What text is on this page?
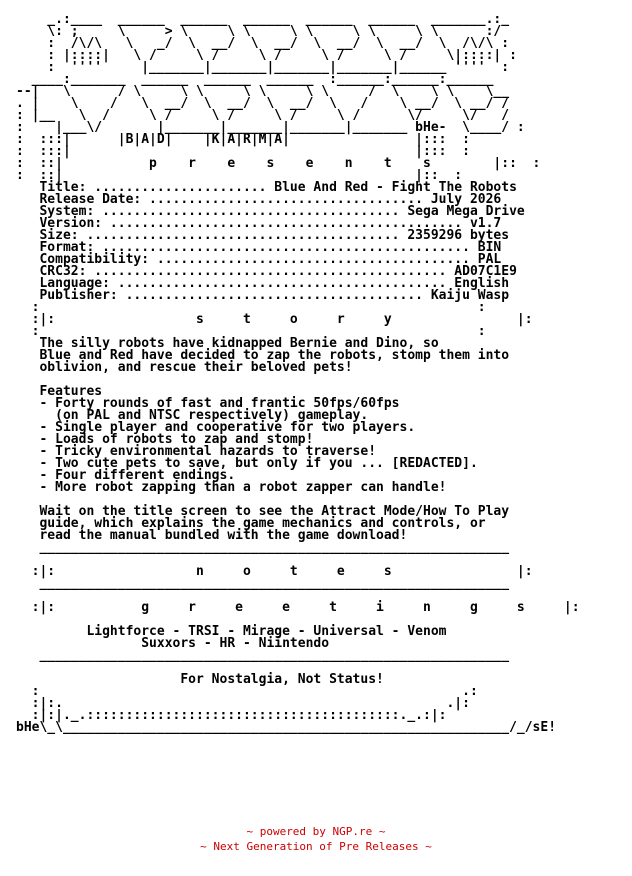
_.:____  ______  ______  ______  ______  ______  _______.:_
\: ;     \     > \     \ \     \ \     \ \     \ \      :/
:  /\/\   \   _/  \  __/  \  __/  \  __/  \  __/  \  /\/\ :
: |::::|   \ /     \ /     \ /     \ /     \ /     \|::::| :
:  ''''     |_______|_______|_______|_______|______ ''''  :
____:_______  ______  ______  ______  :______:______:______
--|   \      / \     \ \     \ \     \ \     /  \    \ \    \__
. |    \    /   \  __/  \  __/  \  __/  \   /    \ __/  \ __/ /
: |__   \  /     \ /     \ /     \ /     \ /      \/     \/   /
:    |___\/       |_______|_______|_______|_______ bHe-  \____/ :
:  :::|      |B|A|D|    |K|A|R|M|A|                |:::  :
:  :::|                                            |:::  :
:  ::|           p    r    e    s    e    n    t    s        |::  :
:  ::|                                             |::  :
Title: ...................... Blue And Red - Fight The Robots
Release Date: ................................... July 2026
System: ...................................... Sega Mega Drive
Version: ............................................. v1.7
Size: ........................................ 2359296 bytes
Format: ............................................... BIN
Compatibility: ........................................ PAL
CRC32: ............................................. AD07C1E9
Language: .......................................... English
Publisher: ...................................... Kaiju Wasp
:                                                        :
:|:                  s     t     o     r     y                |:
:                                                        :
The silly robots have kidnapped Bernie and Dino, so
Blue and Red have decided to zap the robots, stomp them into
oblivion, and rescue their beloved pets!
Features
- Forty rounds of fast and frantic 50fps/60fps
(on PAL and NTSC respectively) gameplay.
- Single player and cooperative for two players.
- Loads of robots to zap and stomp!
- Tricky environmental hazards to traverse!
- Two cute pets to save, but only if you ... [REDACTED].
- Four different endings.
- More robot zapping than a robot zapper can handle!
Wait on the title screen to see the Attract Mode/How To Play
guide, which explains the game mechanics and controls, or
read the manual bundled with the game download!
____________________________________________________________
:|:                  n     o     t     e     s                |:
____________________________________________________________
:|:           g     r     e     e     t     i     n     g     s     |:
Lightforce - TRSI - Mirage - Universal - Venom
Suxxors - HR - Niintendo
____________________________________________________________
For Nostalgia, Not Status!
:                                                      .:
:|:.                                                 .|:
:|:|._.::::::::::::::::::::::::::::::::::::::::._.:|:
bHe\_\_________________________________________________________/_/sE!
~ powered by NGP.re ~
~ Next Generation of Pre Releases ~
